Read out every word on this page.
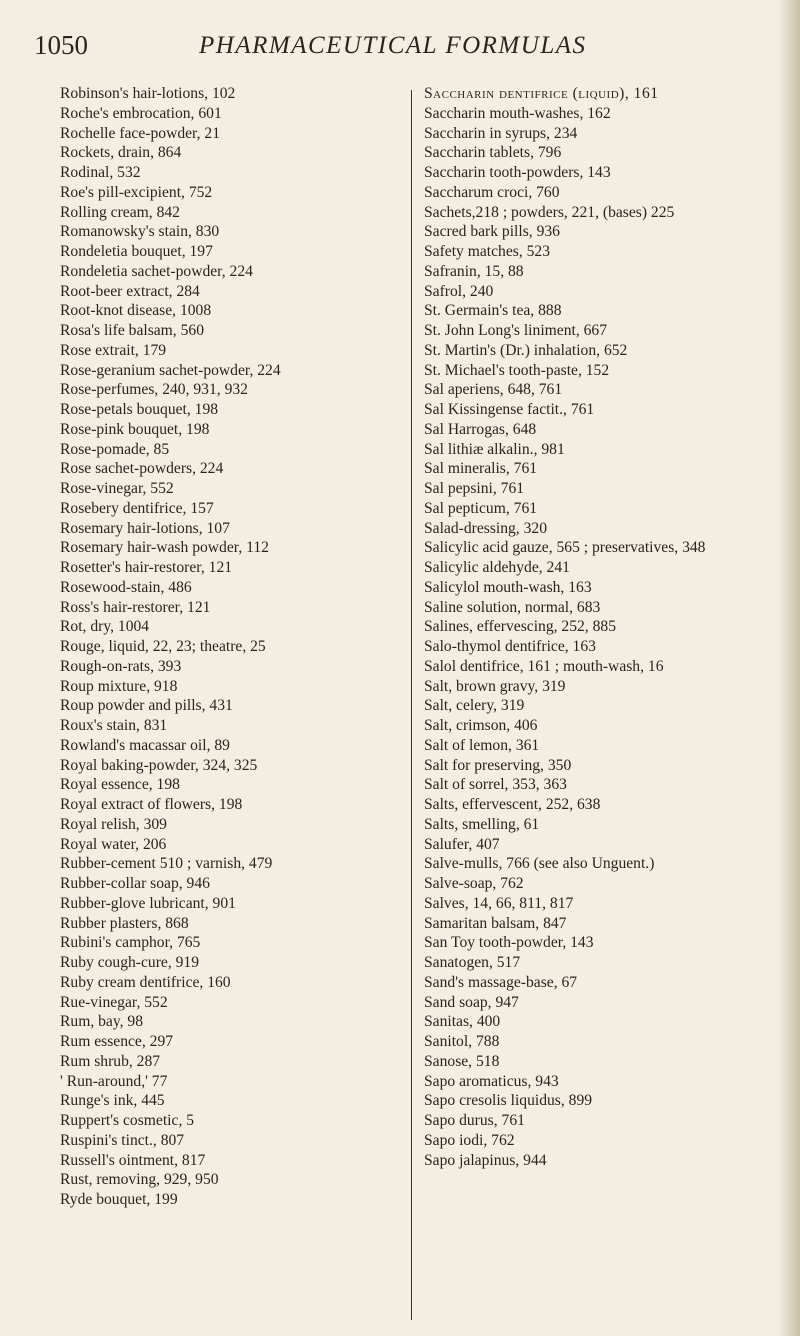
1050	PHARMACEUTICAL FORMULAS

Robinson's hair-lotions, 102

Roche's embrocation, 601

Rochelle face-powder, 21

Rockets, drain, 864

Rodinal, 532

Roe's pill-excipient, 752

Rolling cream, 842

Romanowsky's stain, 830

Rondeletia bouquet, 197

Rondeletia sachet-powder, 224

Root-beer extract, 284

Root-knot disease, 1008

Rosa's life balsam, 560

Rose extrait, 179

Rose-geranium sachet-powder, 224

Rose-perfumes, 240, 931, 932

Rose-petals bouquet, 198

Rose-pink bouquet, 198

Rose-pomade, 85

Rose sachet-powders, 224

Rose-vinegar, 552

Rosebery dentifrice, 157

Rosemary hair-lotions, 107

Rosemary hair-wash powder, 112

Rosetter's hair-restorer, 121

Rosewood-stain, 486

Ross's hair-restorer, 121

Rot, dry, 1004

Rouge, liquid, 22, 23; theatre, 25

Rough-on-rats, 393

Roup mixture, 918

Roup powder and pills, 431

Roux's stain, 831

Rowland's macassar oil, 89

Royal baking-powder, 324, 325

Royal essence, 198

Royal extract of flowers, 198

Royal relish, 309

Royal water, 206

Rubber-cement 510 ; varnish, 479

Rubber-collar soap, 946

Rubber-glove lubricant, 901

Rubber plasters, 868

Rubini's camphor, 765

Ruby cough-cure, 919

Ruby cream dentifrice, 160

Rue-vinegar, 552

Rum, bay, 98

Rum essence, 297

Rum shrub, 287

' Run-around,' 77

Runge's ink, 445

Ruppert's cosmetic, 5

Ruspini's tinct., 807

Russell's ointment, 817

Rust, removing, 929, 950

Ryde bouquet, 199

Saccharin dentifrice (liquid), 161

Saccharin mouth-washes, 162

Saccharin in syrups, 234

Saccharin tablets, 796

Saccharin tooth-powders, 143

Saccharum croci, 760

Sachets,218 ; powders, 221, (bases) 225

Sacred bark pills, 936

Safety matches, 523

Safranin, 15, 88

Safrol, 240

St. Germain's tea, 888

St. John Long's liniment, 667

St. Martin's (Dr.) inhalation, 652

St. Michael's tooth-paste, 152

Sal aperiens, 648, 761

Sal Kissingense factit., 761

Sal Harrogas, 648

Sal lithiæ alkalin., 981

Sal mineralis, 761

Sal pepsini, 761

Sal pepticum, 761

Salad-dressing, 320

Salicylic acid gauze, 565 ; preservatives, 348

Salicylic aldehyde, 241

Salicylol mouth-wash, 163

Saline solution, normal, 683

Salines, effervescing, 252, 885

Salo-thymol dentifrice, 163

Salol dentifrice, 161 ; mouth-wash, 16

Salt, brown gravy, 319

Salt, celery, 319

Salt, crimson, 406

Salt of lemon, 361

Salt for preserving, 350

Salt of sorrel, 353, 363

Salts, effervescent, 252, 638

Salts, smelling, 61

Salufer, 407

Salve-mulls, 766 (see also Unguent.)

Salve-soap, 762

Salves, 14, 66, 811, 817

Samaritan balsam, 847

San Toy tooth-powder, 143

Sanatogen, 517

Sand's massage-base, 67

Sand soap, 947

Sanitas, 400

Sanitol, 788

Sanose, 518

Sapo aromaticus, 943

Sapo cresolis liquidus, 899

Sapo durus, 761

Sapo iodi, 762

Sapo jalapinus, 944
